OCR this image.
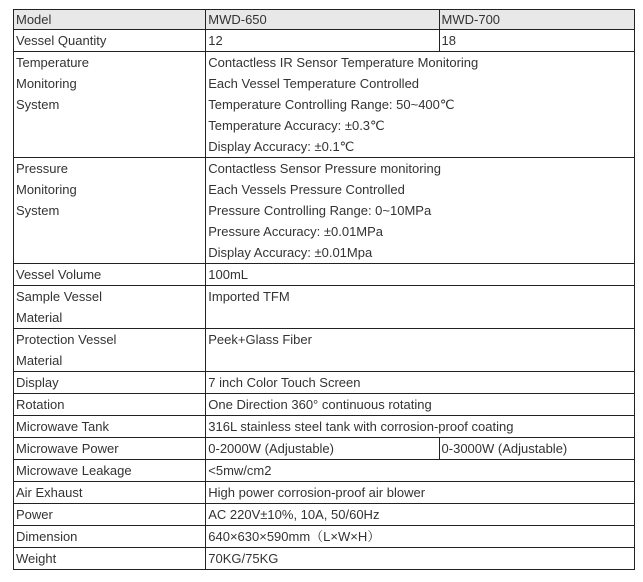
Model	MWD-650	MWD-700
Vessel Quantity	12	18

Temperature
Monitoring
System	Contactless IR Sensor Temperature Monitoring
Each Vessel Temperature Controlled
Temperature Controlling Range: 50~400℃
Temperature Accuracy: ±0.3℃
Display Accuracy: ±0.1℃	

Pressure
Monitoring
System	Contactless Sensor Pressure monitoring
Each Vessels Pressure Controlled
Pressure Controlling Range: 0~10MPa
Pressure Accuracy: ±0.01MPa
Display Accuracy: ±0.01Mpa	

Vessel Volume	100mL	

Sample Vessel
Material	Imported TFM	

Protection Vessel
Material	Peek+Glass Fiber	
Display	7 inch Color Touch Screen	
Rotation	One Direction 360° continuous rotating	
Microwave Tank	316L stainless steel tank with corrosion-proof coating	
Microwave Power	0-2000W (Adjustable)	0-3000W (Adjustable)
Microwave Leakage	<5mw/cm2	
Air Exhaust	High power corrosion-proof air blower	
Power	AC 220V±10%, 10A, 50/60Hz	
Dimension	640×630×590mm（L×W×H）	
Weight	70KG/75KG	
